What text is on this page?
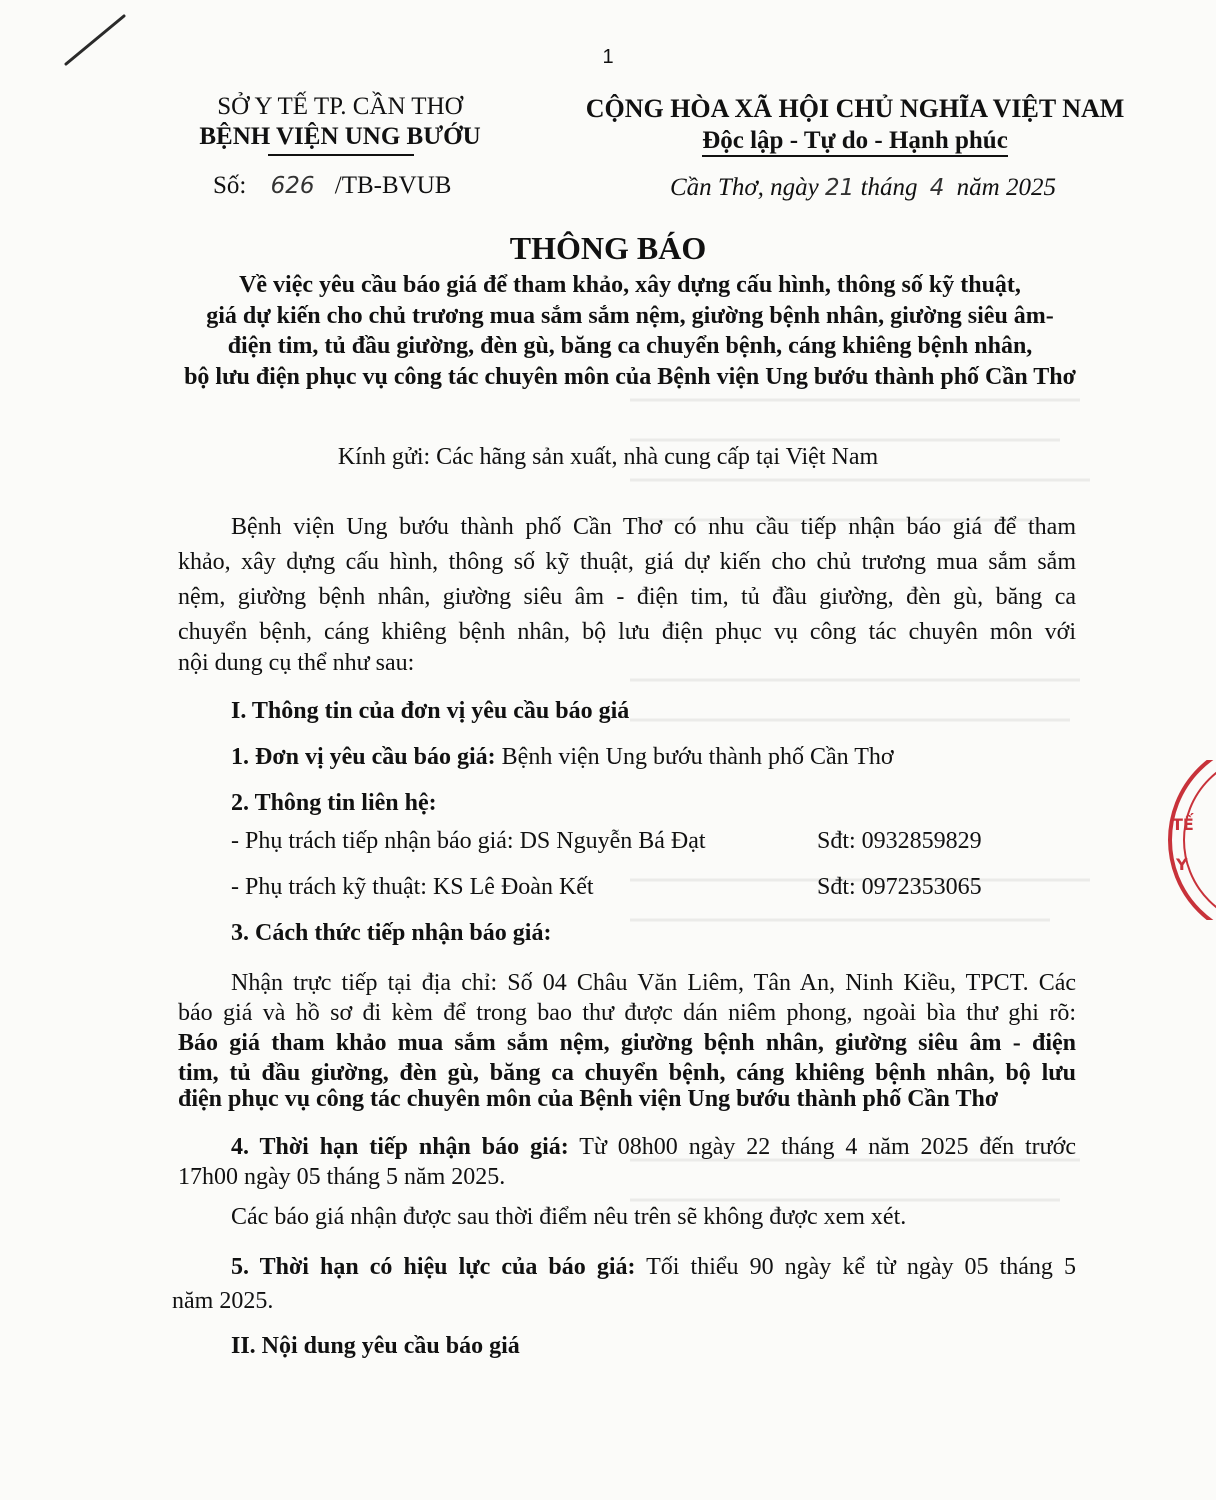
1
SỞ Y TẾ TP. CẦN THƠ
BỆNH VIỆN UNG BƯỚU
Số: 626 /TB-BVUB
CỘNG HÒA XÃ HỘI CHỦ NGHĨA VIỆT NAM
Độc lập - Tự do - Hạnh phúc
Cần Thơ, ngày 21 tháng 4 năm 2025
THÔNG BÁO
Về việc yêu cầu báo giá để tham khảo, xây dựng cấu hình, thông số kỹ thuật,
giá dự kiến cho chủ trương mua sắm sắm nệm, giường bệnh nhân, giường siêu âm-
điện tim, tủ đầu giường, đèn gù, băng ca chuyển bệnh, cáng khiêng bệnh nhân,
bộ lưu điện phục vụ công tác chuyên môn của Bệnh viện Ung bướu thành phố Cần Thơ
Kính gửi: Các hãng sản xuất, nhà cung cấp tại Việt Nam
Bệnh viện Ung bướu thành phố Cần Thơ có nhu cầu tiếp nhận báo giá để tham
khảo, xây dựng cấu hình, thông số kỹ thuật, giá dự kiến cho chủ trương mua sắm sắm
nệm, giường bệnh nhân, giường siêu âm - điện tim, tủ đầu giường, đèn gù, băng ca
chuyển bệnh, cáng khiêng bệnh nhân, bộ lưu điện phục vụ công tác chuyên môn với
nội dung cụ thể như sau:
I. Thông tin của đơn vị yêu cầu báo giá
1. Đơn vị yêu cầu báo giá: Bệnh viện Ung bướu thành phố Cần Thơ
2. Thông tin liên hệ:
- Phụ trách tiếp nhận báo giá: DS Nguyễn Bá Đạt	Sđt: 0932859829
- Phụ trách kỹ thuật: KS Lê Đoàn Kết	Sđt: 0972353065
3. Cách thức tiếp nhận báo giá:
Nhận trực tiếp tại địa chỉ: Số 04 Châu Văn Liêm, Tân An, Ninh Kiều, TPCT. Các
báo giá và hồ sơ đi kèm để trong bao thư được dán niêm phong, ngoài bìa thư ghi rõ:
Báo giá tham khảo mua sắm sắm nệm, giường bệnh nhân, giường siêu âm - điện
tim, tủ đầu giường, đèn gù, băng ca chuyển bệnh, cáng khiêng bệnh nhân, bộ lưu
điện phục vụ công tác chuyên môn của Bệnh viện Ung bướu thành phố Cần Thơ
4. Thời hạn tiếp nhận báo giá: Từ 08h00 ngày 22 tháng 4 năm 2025 đến trước
17h00 ngày 05 tháng 5 năm 2025.
Các báo giá nhận được sau thời điểm nêu trên sẽ không được xem xét.
5. Thời hạn có hiệu lực của báo giá: Tối thiểu 90 ngày kể từ ngày 05 tháng 5
năm 2025.
II. Nội dung yêu cầu báo giá
TẾ
Y
